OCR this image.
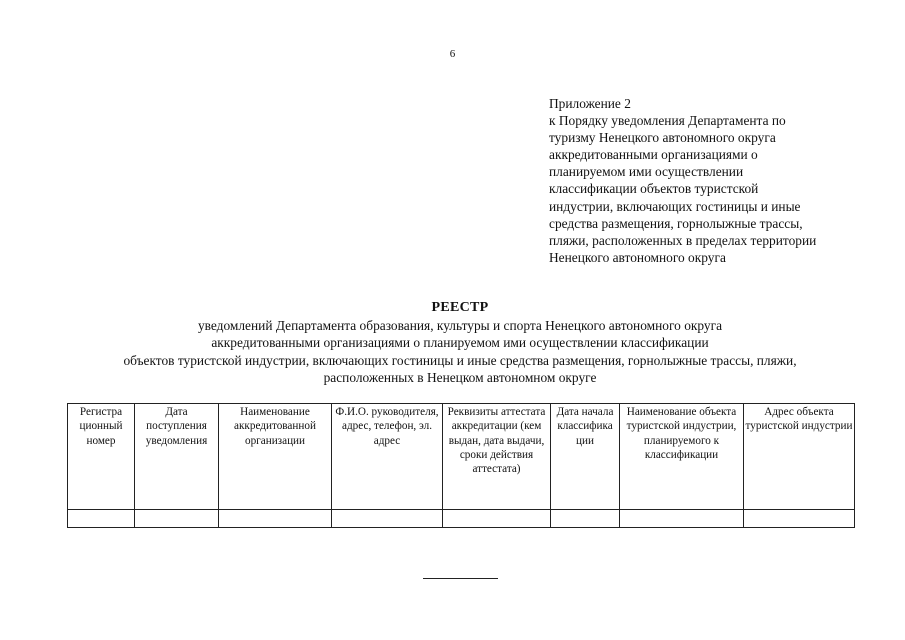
6
Приложение 2
к Порядку уведомления Департамента по
туризму Ненецкого автономного округа
аккредитованными организациями о
планируемом ими осуществлении
классификации объектов туристской
индустрии, включающих гостиницы и иные
средства размещения, горнолыжные трассы,
пляжи, расположенных в пределах территории
Ненецкого автономного округа
РЕЕСТР
уведомлений Департамента образования, культуры и спорта Ненецкого автономного округа
аккредитованными организациями о планируемом ими осуществлении классификации
объектов туристской индустрии, включающих гостиницы и иные средства размещения, горнолыжные трассы, пляжи,
расположенных в Ненецком автономном округе
Регистра ционный номер	Дата поступления уведомления	Наименование аккредитованной организации	Ф.И.О. руководителя, адрес, телефон, эл. адрес	Реквизиты аттестата аккредитации (кем выдан, дата выдачи, сроки действия аттестата)	Дата начала классифика ции	Наименование объекта туристской индустрии, планируемого к классификации	Адрес объекта туристской индустрии
